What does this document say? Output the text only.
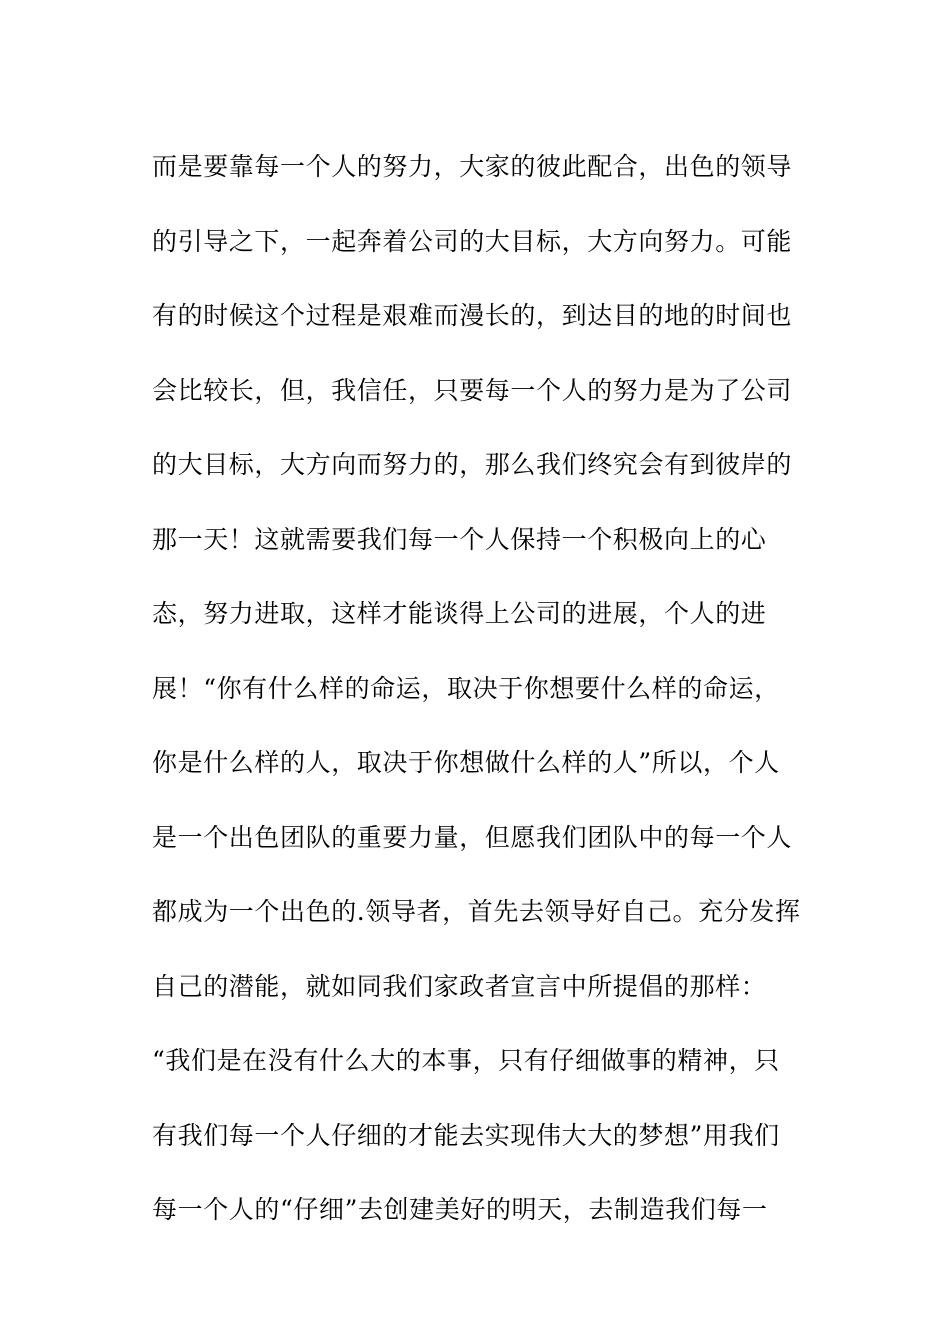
而是要靠每一个人的努力，大家的彼此配合，出色的领导
的引导之下，一起奔着公司的大目标，大方向努力。可能
有的时候这个过程是艰难而漫长的，到达目的地的时间也
会比较长，但，我信任，只要每一个人的努力是为了公司
的大目标，大方向而努力的，那么我们终究会有到彼岸的
那一天！这就需要我们每一个人保持一个积极向上的心
态，努力进取，这样才能谈得上公司的进展，个人的进
展！“你有什么样的命运，取决于你想要什么样的命运，
你是什么样的人，取决于你想做什么样的人”所以，个人
是一个出色团队的重要力量，但愿我们团队中的每一个人
都成为一个出色的.领导者，首先去领导好自己。充分发挥
自己的潜能，就如同我们家政者宣言中所提倡的那样：
“我们是在没有什么大的本事，只有仔细做事的精神，只
有我们每一个人仔细的才能去实现伟大大的梦想”用我们
每一个人的“仔细”去创建美好的明天，去制造我们每一
